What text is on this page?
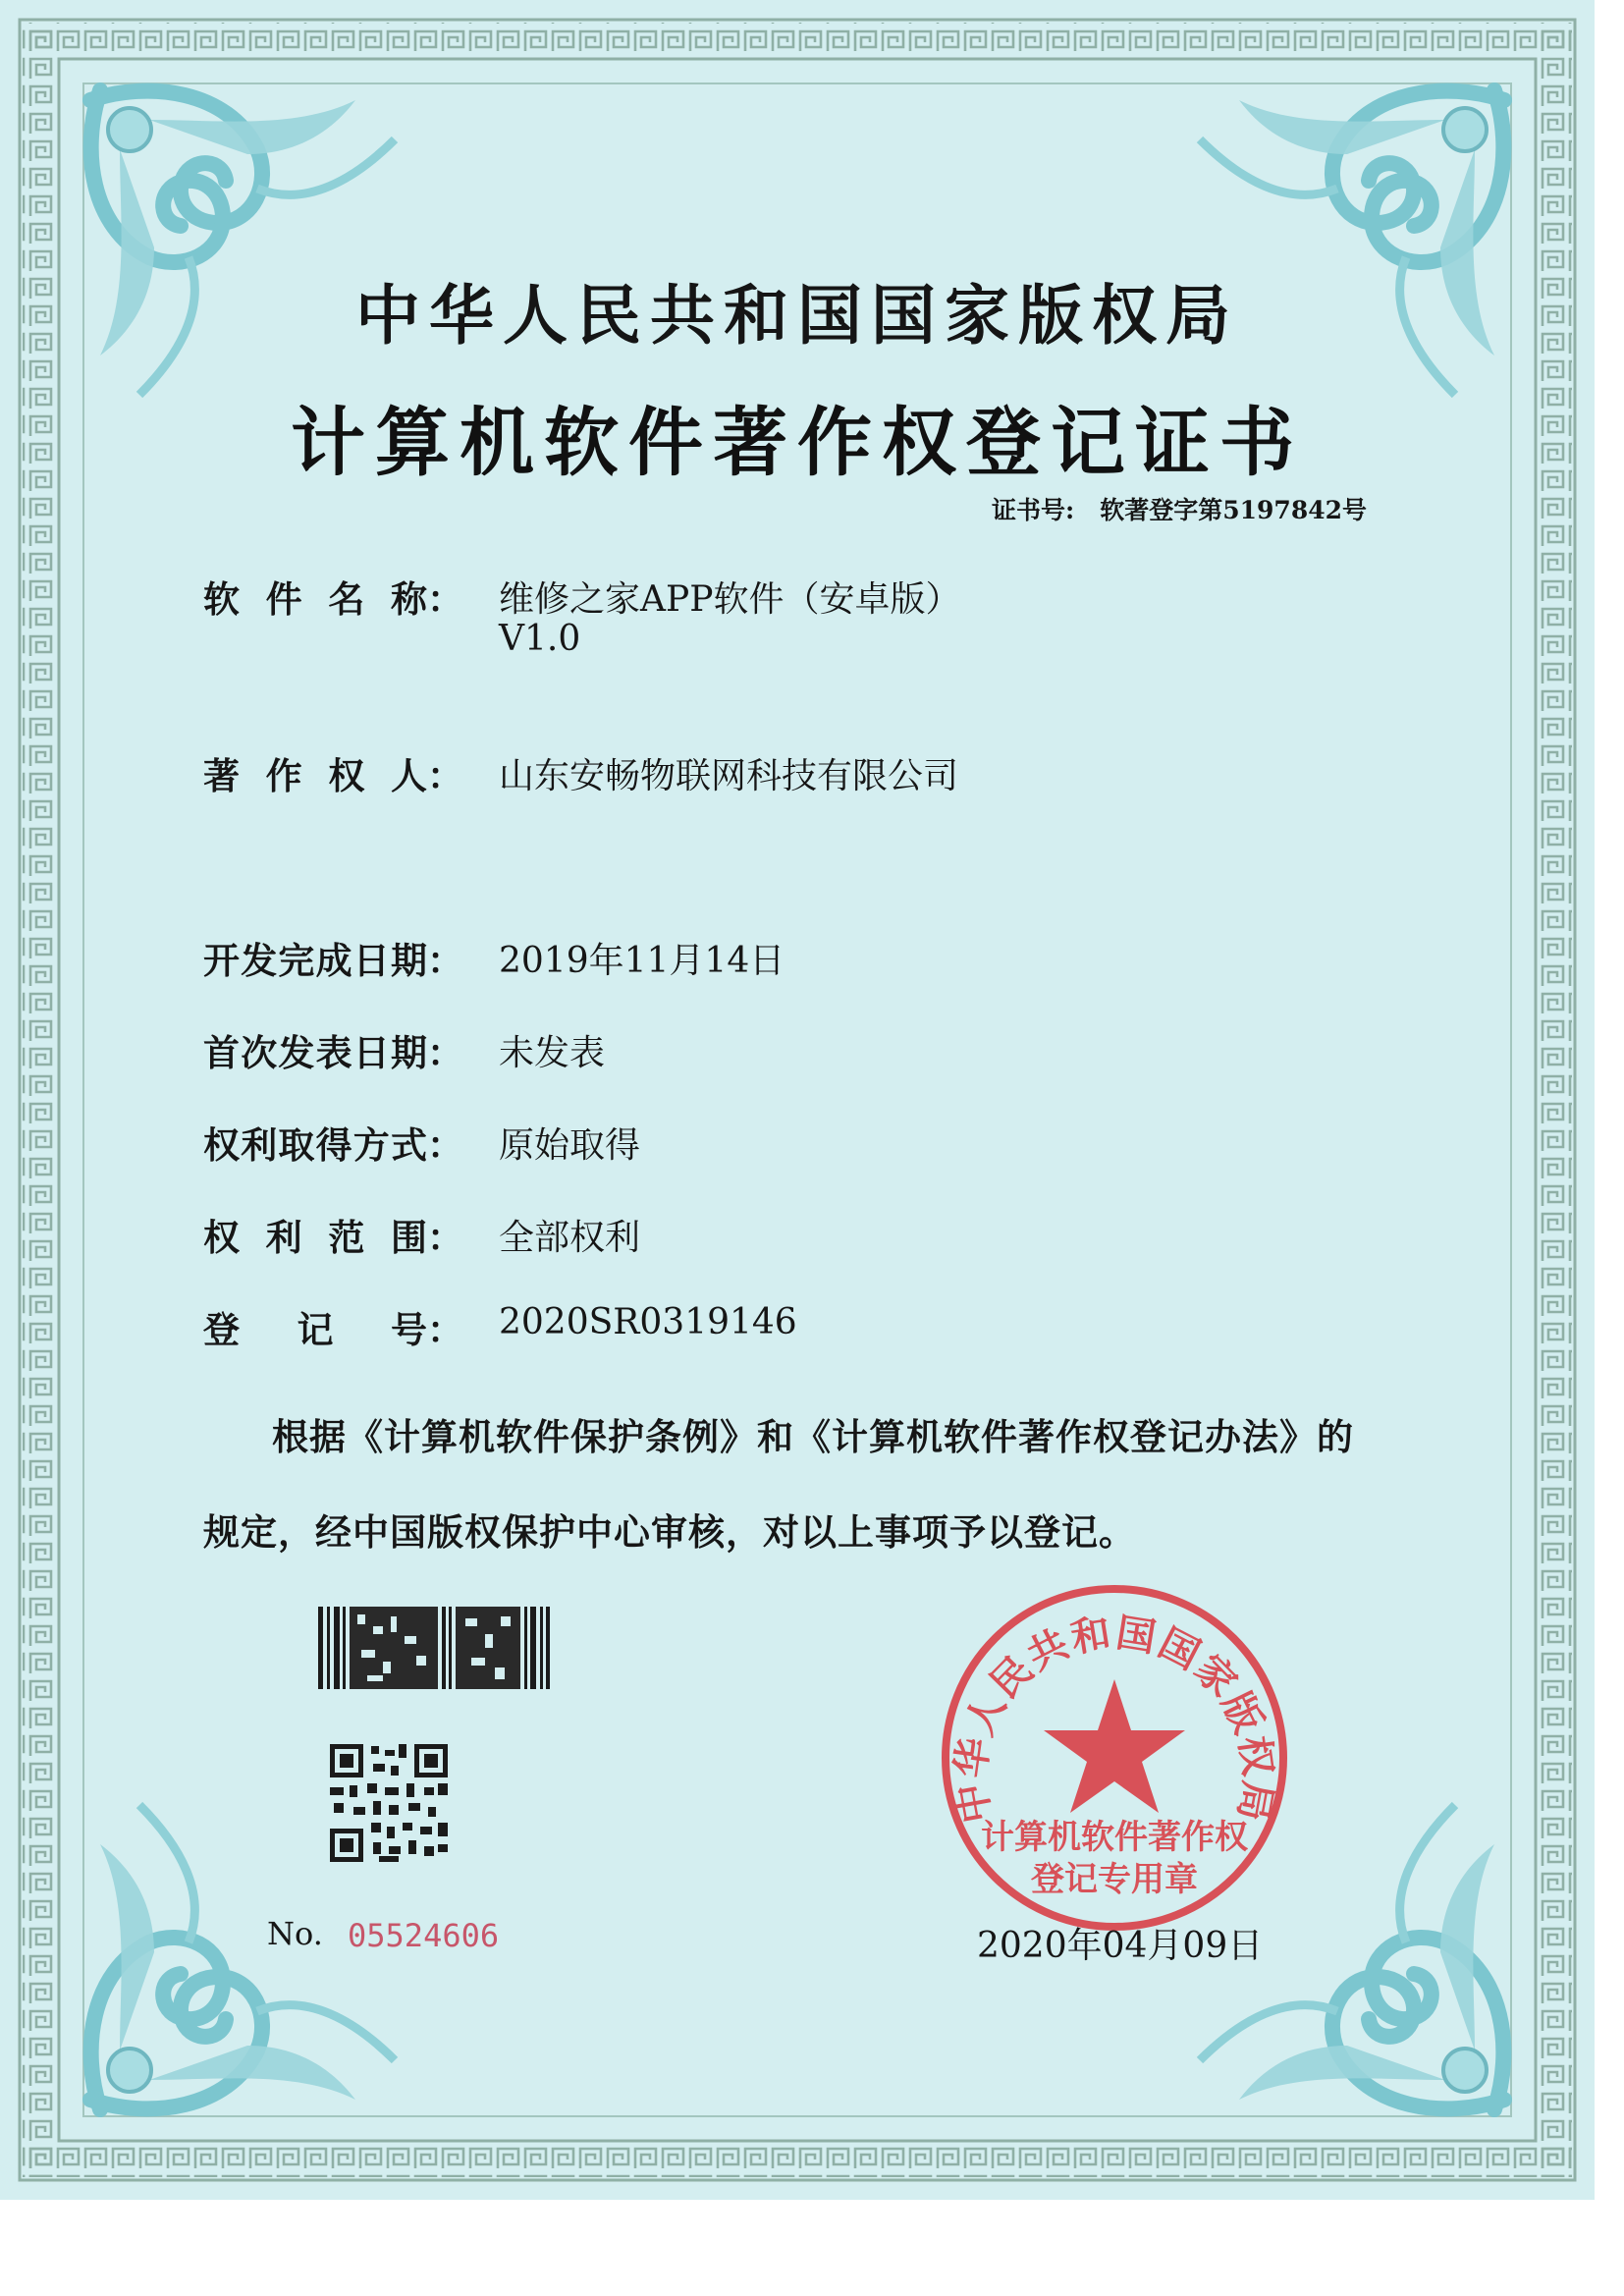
中华人民共和国国家版权局
计算机软件著作权登记证书
证书号: 软著登字第5197842号
软 件 名 称 ： 维修之家APP软件（安卓版）
V1.0
著 作 权 人 ： 山东安畅物联网科技有限公司
开 发 完 成 日 期 ： 2019年11月14日
首 次 发 表 日 期 ： 未发表
权 利 取 得 方 式 ： 原始取得
权 利 范 围 ： 全部权利
登 记 号 ： 2020SR0319146

根据《计算机软件保护条例》和《计算机软件著作权登记办法》的

规定，经中国版权保护中心审核，对以上事项予以登记。

No. 05524606
中华人民共和国国家版权局
计算机软件著作权
登记专用章
2020年04月09日
